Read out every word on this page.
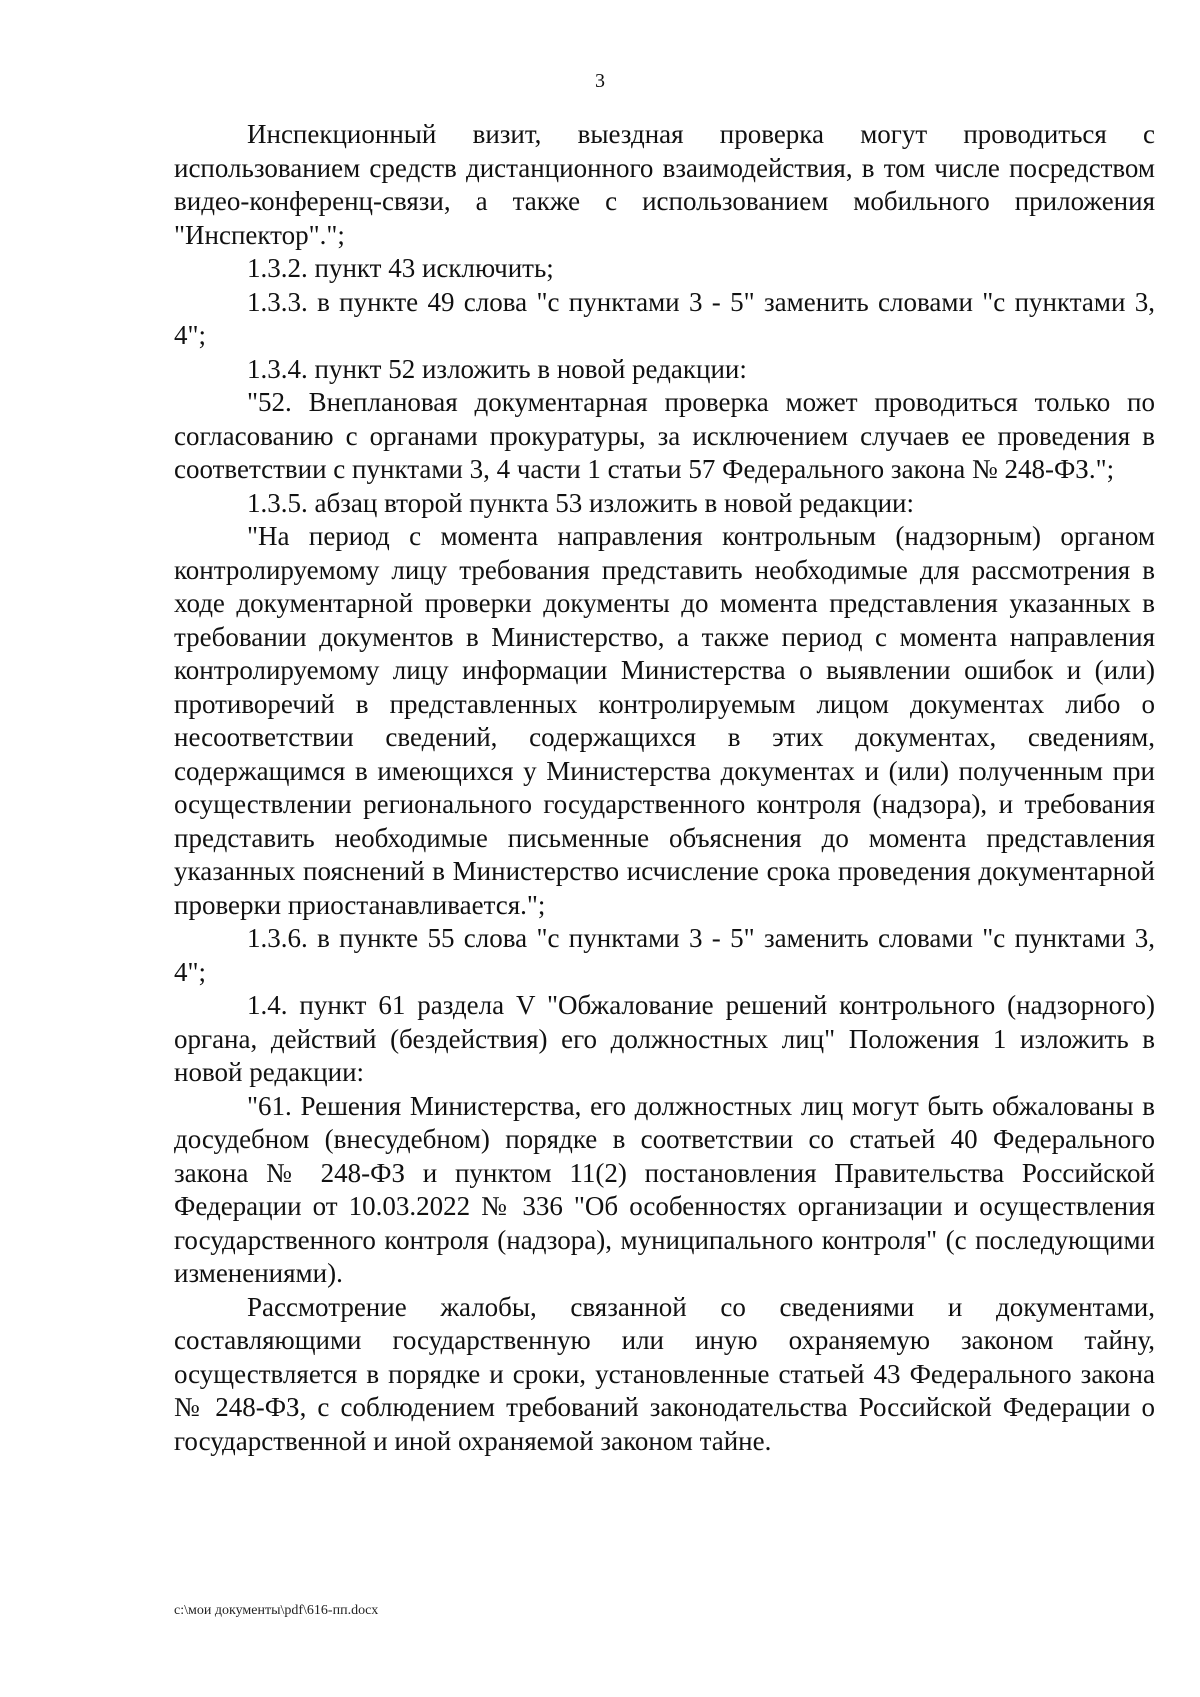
3

Инспекционный визит, выездная проверка могут проводиться с использованием средств дистанционного взаимодействия, в том числе посредством видео-конференц-связи, а также с использованием мобильного приложения "Инспектор".";

1.3.2. пункт 43 исключить;

1.3.3. в пункте 49 слова "с пунктами 3 - 5" заменить словами "с пунктами 3, 4";

1.3.4. пункт 52 изложить в новой редакции:

"52. Внеплановая документарная проверка может проводиться только по согласованию с органами прокуратуры, за исключением случаев ее проведения в соответствии с пунктами 3, 4 части 1 статьи 57 Федерального закона № 248-ФЗ.";

1.3.5. абзац второй пункта 53 изложить в новой редакции:

"На период с момента направления контрольным (надзорным) органом контролируемому лицу требования представить необходимые для рассмотрения в ходе документарной проверки документы до момента представления указанных в требовании документов в Министерство, а также период с момента направления контролируемому лицу информации Министерства о выявлении ошибок и (или) противоречий в представленных контролируемым лицом документах либо о несоответствии сведений, содержащихся в этих документах, сведениям, содержащимся в имеющихся у Министерства документах и (или) полученным при осуществлении регионального государственного контроля (надзора), и требования представить необходимые письменные объяснения до момента представления указанных пояснений в Министерство исчисление срока проведения документарной проверки приостанавливается.";

1.3.6. в пункте 55 слова "с пунктами 3 - 5" заменить словами "с пунктами 3, 4";

1.4. пункт 61 раздела V "Обжалование решений контрольного (надзорного) органа, действий (бездействия) его должностных лиц" Положения 1 изложить в новой редакции:

"61. Решения Министерства, его должностных лиц могут быть обжалованы в досудебном (внесудебном) порядке в соответствии со статьей 40 Федерального закона № 248-ФЗ и пунктом 11(2) постановления Правительства Российской Федерации от 10.03.2022 № 336 "Об особенностях организации и осуществления государственного контроля (надзора), муниципального контроля" (с последующими изменениями).

Рассмотрение жалобы, связанной со сведениями и документами, составляющими государственную или иную охраняемую законом тайну, осуществляется в порядке и сроки, установленные статьей 43 Федерального закона № 248-ФЗ, с соблюдением требований законодательства Российской Федерации о государственной и иной охраняемой законом тайне.

c:\мои документы\pdf\616-пп.docx
